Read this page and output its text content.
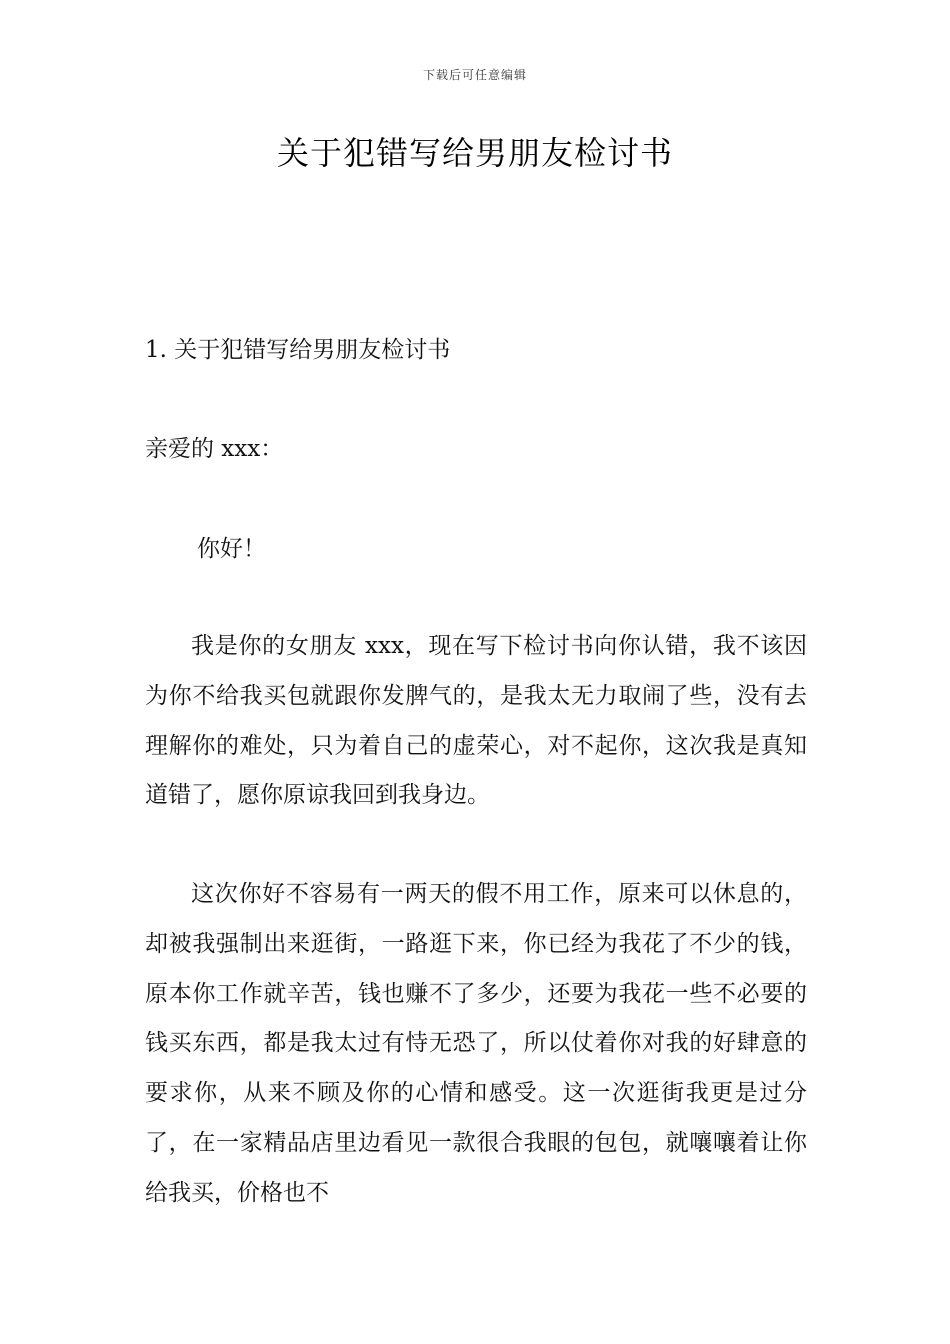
下载后可任意编辑
关于犯错写给男朋友检讨书
1. 关于犯错写给男朋友检讨书
亲爱的 xxx：
你好！

我是你的女朋友 xxx，现在写下检讨书向你认错，我不该因为你不给我买包就跟你发脾气的，是我太无力取闹了些，没有去理解你的难处，只为着自己的虚荣心，对不起你，这次我是真知道错了，愿你原谅我回到我身边。

这次你好不容易有一两天的假不用工作，原来可以休息的，却被我强制出来逛街，一路逛下来，你已经为我花了不少的钱，原本你工作就辛苦，钱也赚不了多少，还要为我花一些不必要的钱买东西，都是我太过有恃无恐了，所以仗着你对我的好肆意的要求你，从来不顾及你的心情和感受。这一次逛街我更是过分了，在一家精品店里边看见一款很合我眼的包包，就嚷嚷着让你给我买，价格也不
